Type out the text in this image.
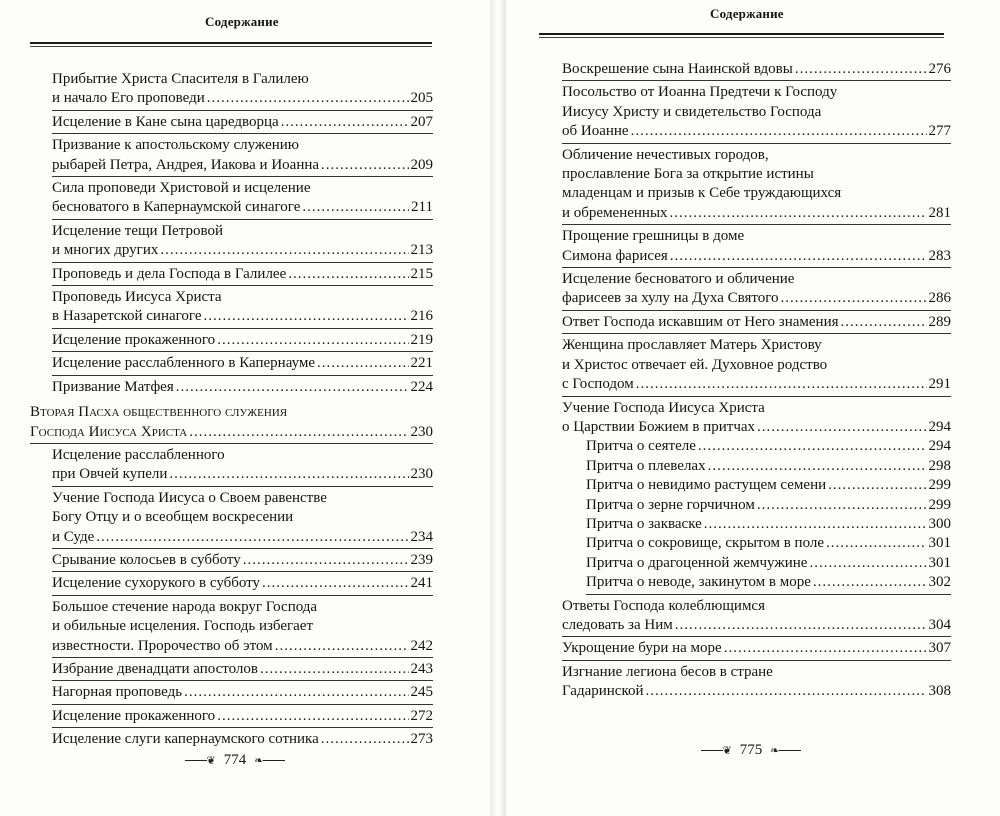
Содержание
Прибытие Христа Спасителя в Галилею
и начало Его проповеди .....	205
Исцеление в Кане сына царедворца .....	207
Призвание к апостольскому служению
рыбарей Петра, Андрея, Иакова и Иоанна .....	209
Сила проповеди Христовой и исцеление
бесноватого в Капернаумской синагоге .....	211
Исцеление тещи Петровой
и многих других .....	213
Проповедь и дела Господа в Галилее .....	215
Проповедь Иисуса Христа
в Назаретской синагоге .....	216
Исцеление прокаженного .....	219
Исцеление расслабленного в Капернауме .....	221
Призвание Матфея .....	224
Вторая Пасха общественного служения
Господа Иисуса Христа .....	230
Исцеление расслабленного
при Овчей купели .....	230
Учение Господа Иисуса о Своем равенстве
Богу Отцу и о всеобщем воскресении
и Суде .....	234
Срывание колосьев в субботу .....	239
Исцеление сухорукого в субботу .....	241
Большое стечение народа вокруг Господа
и обильные исцеления. Господь избегает
известности. Пророчество об этом .....	242
Избрание двенадцати апостолов .....	243
Нагорная проповедь .....	245
Исцеление прокаженного .....	272
Исцеление слуги капернаумского сотника .....	273
❦ 774 ❧
Содержание
Воскрешение сына Наинской вдовы .....	276
Посольство от Иоанна Предтечи к Господу
Иисусу Христу и свидетельство Господа
об Иоанне .....	277
Обличение нечестивых городов,
прославление Бога за открытие истины
младенцам и призыв к Себе труждающихся
и обремененных .....	281
Прощение грешницы в доме
Симона фарисея .....	283
Исцеление бесноватого и обличение
фарисеев за хулу на Духа Святого .....	286
Ответ Господа искавшим от Него знамения .....	289
Женщина прославляет Матерь Христову
и Христос отвечает ей. Духовное родство
с Господом .....	291
Учение Господа Иисуса Христа
о Царствии Божием в притчах .....	294
Притча о сеятеле .....	294
Притча о плевелах .....	298
Притча о невидимо растущем семени .....	299
Притча о зерне горчичном .....	299
Притча о закваске .....	300
Притча о сокровище, скрытом в поле .....	301
Притча о драгоценной жемчужине .....	301
Притча о неводе, закинутом в море .....	302
Ответы Господа колеблющимся
следовать за Ним .....	304
Укрощение бури на море .....	307
Изгнание легиона бесов в стране
Гадаринской .....	308
❦ 775 ❧
